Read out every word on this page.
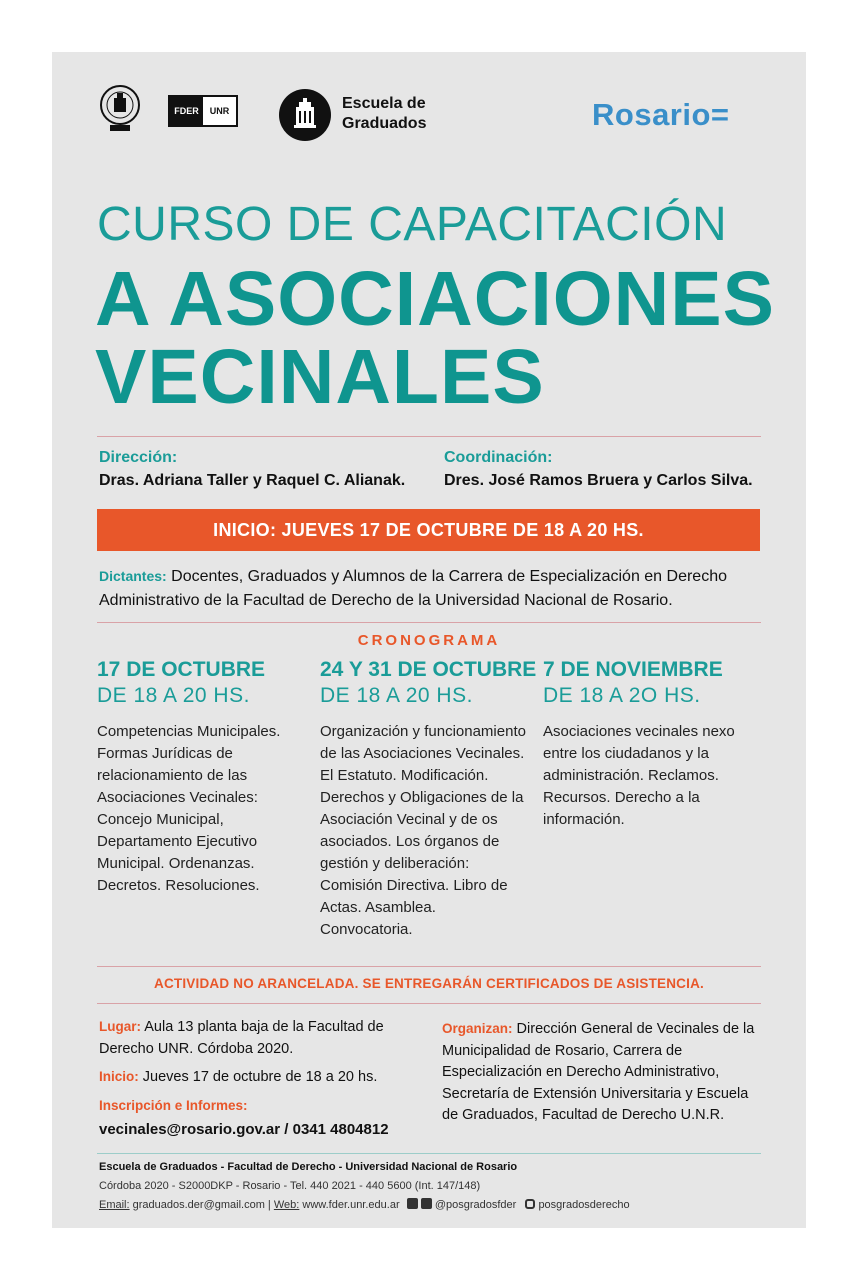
FDER	UNR	Escuela de
Graduados	Rosario=
CURSO DE CAPACITACIÓN
A ASOCIACIONES
VECINALES
Dirección:
Dras. Adriana Taller y Raquel C. Alianak.
Coordinación:
Dres. José Ramos Bruera y Carlos Silva.
INICIO: JUEVES 17 DE OCTUBRE DE 18 A 20 HS.
Dictantes: Docentes, Graduados y Alumnos de la Carrera de Especialización en Derecho Administrativo de la Facultad de Derecho de la Universidad Nacional de Rosario.
CRONOGRAMA
17 DE OCTUBRE
DE 18 A 20 HS.
Competencias Municipales. Formas Jurídicas de relacionamiento de las Asociaciones Vecinales: Concejo Municipal, Departamento Ejecutivo Municipal. Ordenanzas. Decretos. Resoluciones.
24 Y 31 DE OCTUBRE
DE 18 A 20 HS.
Organización y funcionamiento de las Asociaciones Vecinales. El Estatuto. Modificación. Derechos y Obligaciones de la Asociación Vecinal y de os asociados. Los órganos de gestión y deliberación: Comisión Directiva. Libro de Actas. Asamblea. Convocatoria.
7 DE NOVIEMBRE
DE 18 A 2O HS.
Asociaciones vecinales nexo entre los ciudadanos y la administración. Reclamos. Recursos. Derecho a la información.
ACTIVIDAD NO ARANCELADA. SE ENTREGARÁN CERTIFICADOS DE ASISTENCIA.
Lugar: Aula 13 planta baja de la Facultad de Derecho UNR. Córdoba 2020.
Inicio: Jueves 17 de octubre de 18 a 20 hs.
Inscripción e Informes:
vecinales@rosario.gov.ar / 0341 4804812
Organizan: Dirección General de Vecinales de la Municipalidad de Rosario, Carrera de Especialización en Derecho Administrativo, Secretaría de Extensión Universitaria y Escuela de Graduados, Facultad de Derecho U.N.R.
Escuela de Graduados - Facultad de Derecho - Universidad Nacional de Rosario
Córdoba 2020 - S2000DKP - Rosario - Tel. 440 2021 - 440 5600 (Int. 147/148)
Email: graduados.der@gmail.com | Web: www.fder.unr.edu.ar	@posgradosfder posgradosderecho
